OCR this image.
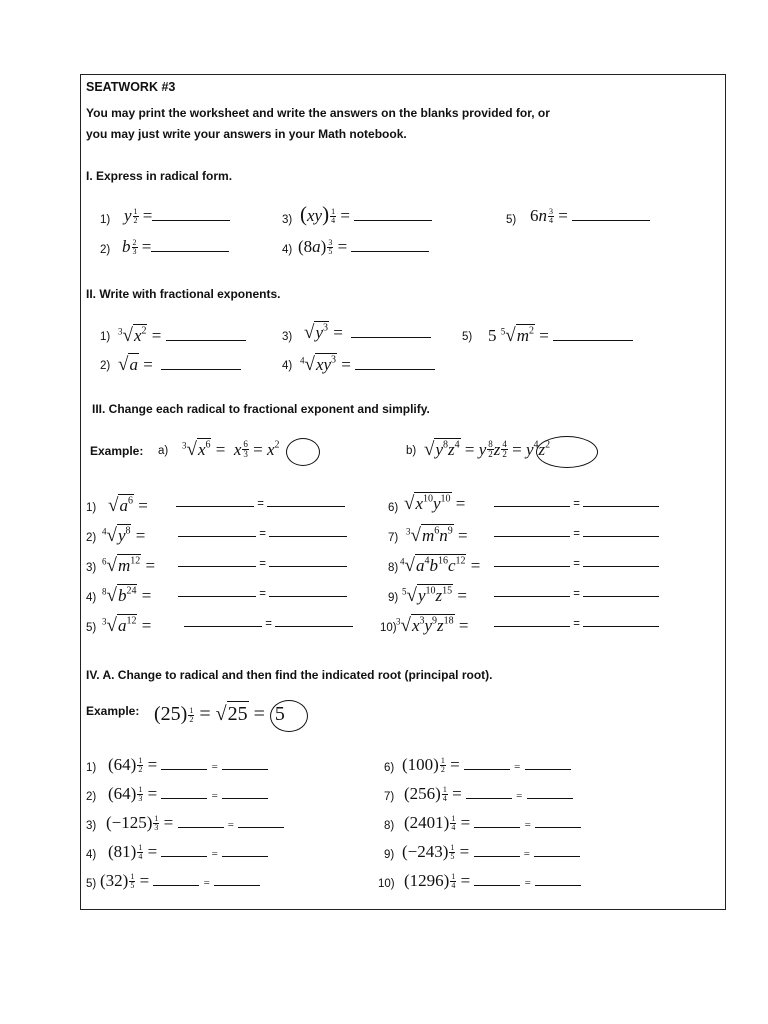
SEATWORK #3
You may print the worksheet and write the answers on the blanks provided for, or
you may just write your answers in your Math notebook.
I. Express in radical form.
1) y $\frac{1}{2}$ =
2) b $\frac{2}{3}$ =
3) $(xy) \frac{1}{4}$ =
4) $(8a) \frac{3}{5}$ =
5) $6n \frac{3}{4}$ =
II. Write with fractional exponents.
1) $^3√x^2$ =
2) √a =
3) $√y^3$ =
4) $^4√xy^3$ =
5) 5 $^5√m^2$ =
III. Change each radical to fractional exponent and simplify.
Example: a) $^3√x^6 = x \frac{6}{3} = x^2$	b) $√y^8z^4 = y \frac{8}{2}$ z $\frac{4}{2} = y^4z^2$
1) $√a^6$ =	=
2)
$^4√y^8$ =	=
3)
$^6√m^{12}$ =	=
4)
$^8√b^{24}$ =	=
5)
$^3√a^{12}$ =	=
6) $√x^{10}y^{10}$ =	=
7)
$^3√m^6n^9$ =	=
8)
$^4√a^4b^{16}c^{12}$ =	=
9)
$^5√y^{10}z^{15}$ =	=
10)
$^3√x^3y^9z^{18}$ =	=
IV. A. Change to radical and then find the indicated root (principal root).
Example: $(25) \frac{1}{2} = √25 = 5$
1) $(64) \frac{1}{2}$ =	=
2) $(64) \frac{1}{3}$ =	=
3) $(-125) \frac{1}{3}$ =	=
4) $(81) \frac{1}{4}$ =	=
5) $(32) \frac{1}{5}$ =	=
6) $(100) \frac{1}{2}$ =	=
7) $(256) \frac{1}{4}$ =	=
8) $(2401) \frac{1}{4}$ =	=
9) $(-243) \frac{1}{5}$ =	=
10) $(1296) \frac{1}{4}$ =	=
